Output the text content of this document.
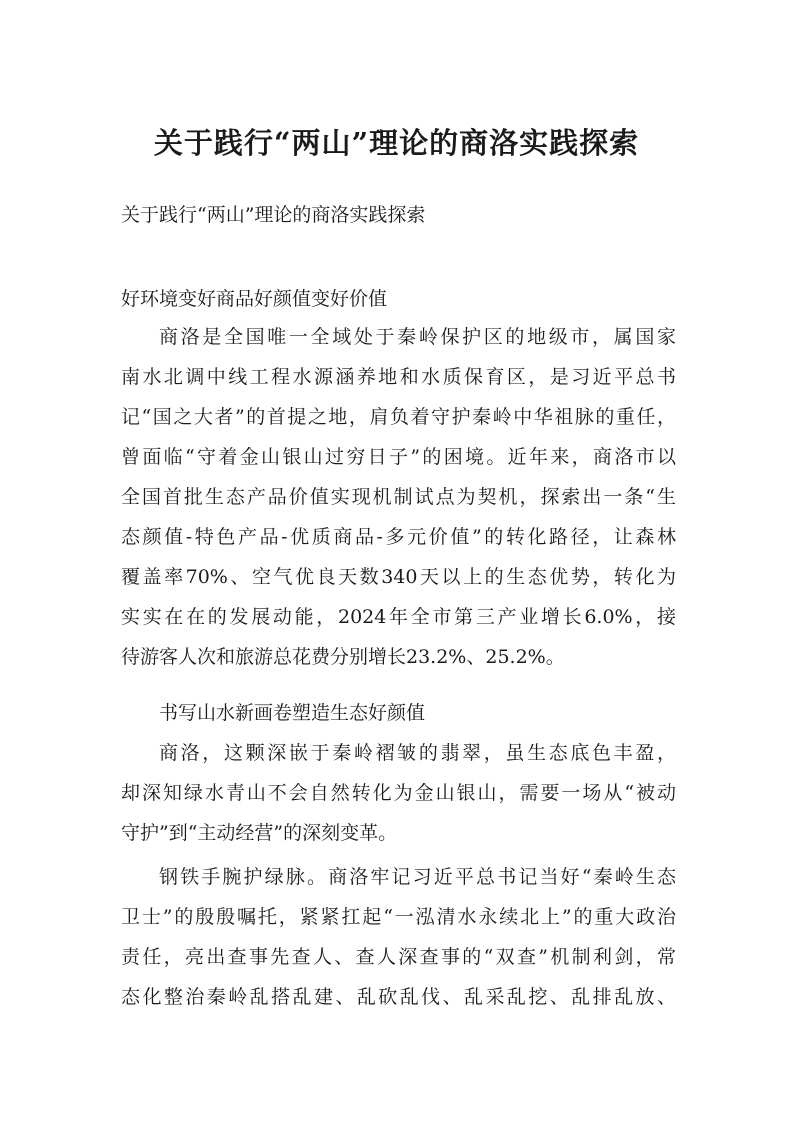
关于践行“两山”理论的商洛实践探索
关于践行“两山”理论的商洛实践探索
好环境变好商品好颜值变好价值
商洛是全国唯一全域处于秦岭保护区的地级市，属国家
南水北调中线工程水源涵养地和水质保育区，是习近平总书
记“国之大者”的首提之地，肩负着守护秦岭中华祖脉的重任，
曾面临“守着金山银山过穷日子”的困境。近年来，商洛市以
全国首批生态产品价值实现机制试点为契机，探索出一条“生
态颜值-特色产品-优质商品-多元价值”的转化路径，让森林
覆盖率70%、空气优良天数340天以上的生态优势，转化为
实实在在的发展动能，2024年全市第三产业增长6.0%，接
待游客人次和旅游总花费分别增长23.2%、25.2%。
书写山水新画卷塑造生态好颜值
商洛，这颗深嵌于秦岭褶皱的翡翠，虽生态底色丰盈，
却深知绿水青山不会自然转化为金山银山，需要一场从“被动
守护”到“主动经营”的深刻变革。
钢铁手腕护绿脉。商洛牢记习近平总书记当好“秦岭生态
卫士”的殷殷嘱托，紧紧扛起“一泓清水永续北上”的重大政治
责任，亮出查事先查人、查人深查事的“双查”机制利剑，常
态化整治秦岭乱搭乱建、乱砍乱伐、乱采乱挖、乱排乱放、
